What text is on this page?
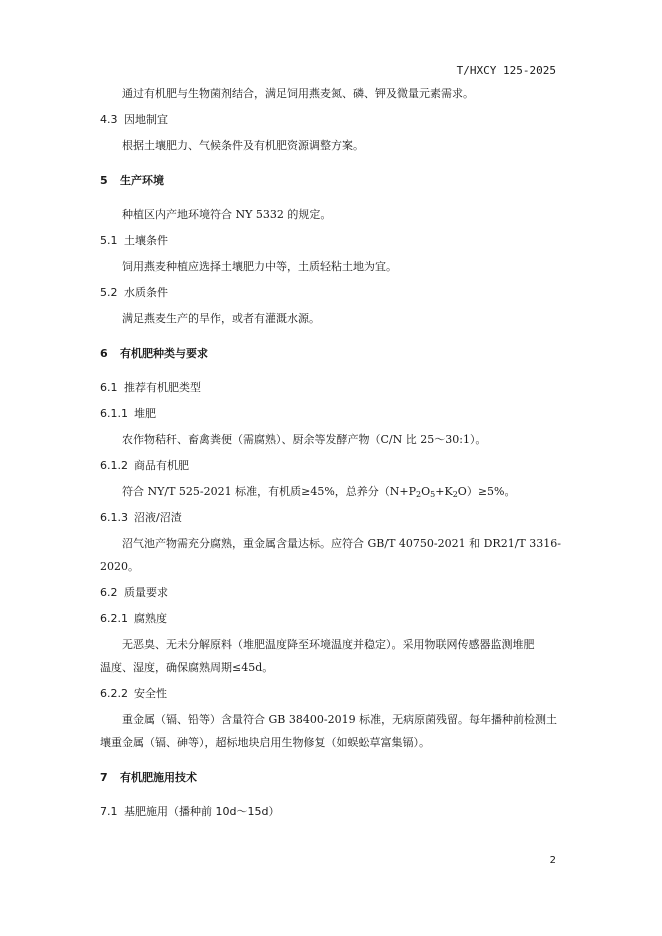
T/HXCY 125-2025
通过有机肥与生物菌剂结合，满足饲用燕麦氮、磷、钾及微量元素需求。
4.3 因地制宜
根据土壤肥力、气候条件及有机肥资源调整方案。
5 生产环境
种植区内产地环境符合 NY 5332 的规定。
5.1 土壤条件
饲用燕麦种植应选择土壤肥力中等，土质轻粘土地为宜。
5.2 水质条件
满足燕麦生产的旱作，或者有灌溉水源。
6 有机肥种类与要求
6.1 推荐有机肥类型
6.1.1 堆肥
农作物秸秆、畜禽粪便（需腐熟）、厨余等发酵产物（C/N 比 25～30:1）。
6.1.2 商品有机肥
符合 NY/T 525-2021 标准，有机质≥45%，总养分$(N+P_2O_5+K_2O)\ge 5\%$。
6.1.3 沼液/沼渣
沼气池产物需充分腐熟，重金属含量达标。应符合 GB/T 40750-2021 和 DR21/T 3316-
2020。
6.2 质量要求
6.2.1 腐熟度
无恶臭、无未分解原料（堆肥温度降至环境温度并稳定）。采用物联网传感器监测堆肥
温度、湿度，确保腐熟周期≤45d。
6.2.2 安全性
重金属（镉、铅等）含量符合 GB 38400-2019 标准，无病原菌残留。每年播种前检测土
壤重金属（镉、砷等），超标地块启用生物修复（如蜈蚣草富集镉）。
7 有机肥施用技术
7.1 基肥施用（播种前 10d～15d）
2
